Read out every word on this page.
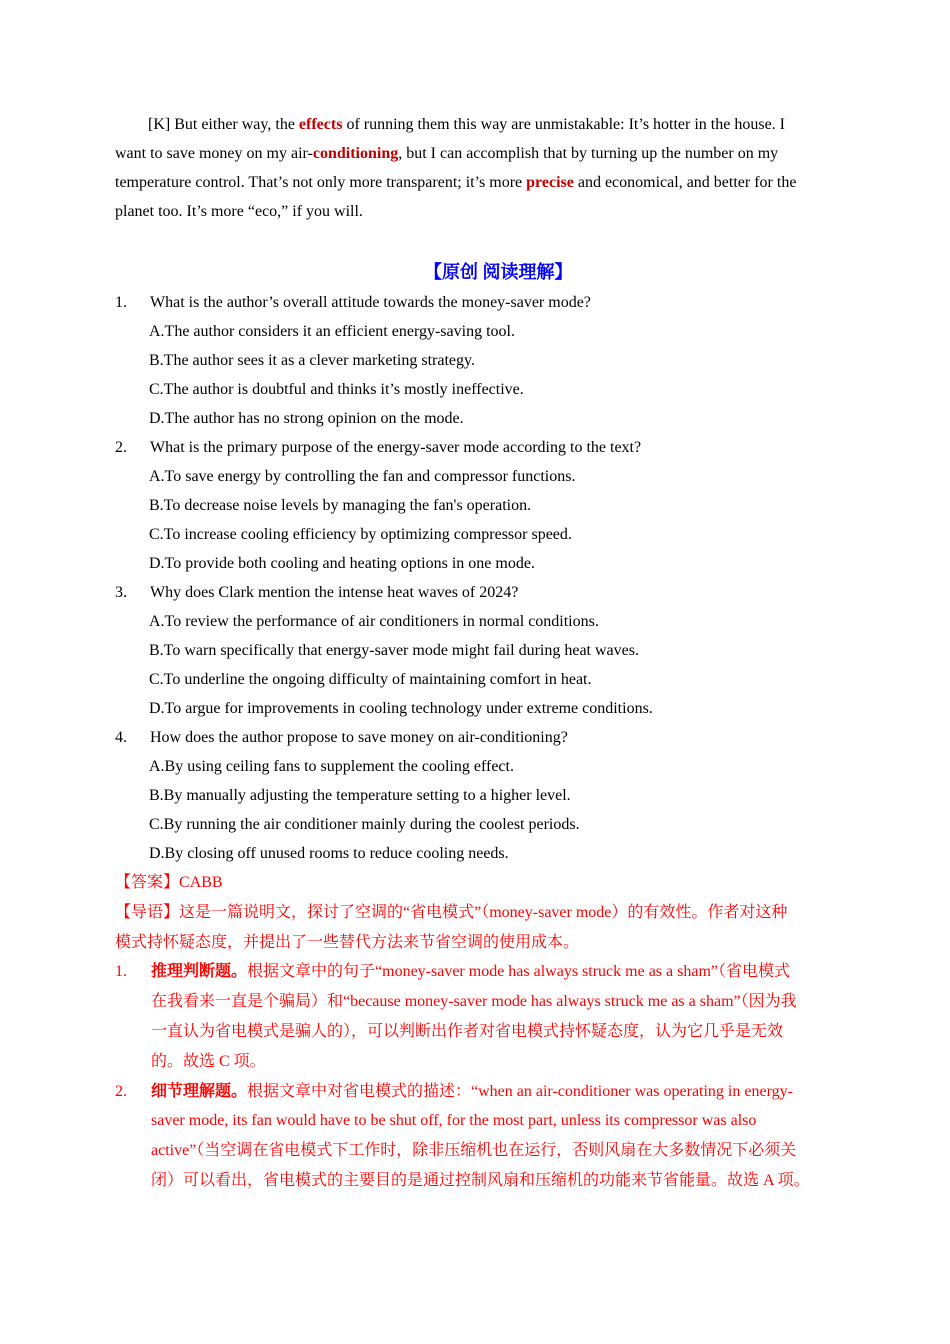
[K] But either way, the effects of running them this way are unmistakable: It’s hotter in the house. I
want to save money on my air-conditioning, but I can accomplish that by turning up the number on my
temperature control. That’s not only more transparent; it’s more precise and economical, and better for the
planet too. It’s more “eco,” if you will.
【原创 阅读理解】
1. What is the author’s overall attitude towards the money-saver mode?
A.The author considers it an efficient energy-saving tool.
B.The author sees it as a clever marketing strategy.
C.The author is doubtful and thinks it’s mostly ineffective.
D.The author has no strong opinion on the mode.
2. What is the primary purpose of the energy-saver mode according to the text?
A.To save energy by controlling the fan and compressor functions.
B.To decrease noise levels by managing the fan's operation.
C.To increase cooling efficiency by optimizing compressor speed.
D.To provide both cooling and heating options in one mode.
3. Why does Clark mention the intense heat waves of 2024?
A.To review the performance of air conditioners in normal conditions.
B.To warn specifically that energy-saver mode might fail during heat waves.
C.To underline the ongoing difficulty of maintaining comfort in heat.
D.To argue for improvements in cooling technology under extreme conditions.
4. How does the author propose to save money on air-conditioning?
A.By using ceiling fans to supplement the cooling effect.
B.By manually adjusting the temperature setting to a higher level.
C.By running the air conditioner mainly during the coolest periods.
D.By closing off unused rooms to reduce cooling needs.
【答案】CABB
【导语】这是一篇说明文，探讨了空调的“省电模式”（money-saver mode）的有效性。作者对这种
模式持怀疑态度，并提出了一些替代方法来节省空调的使用成本。
1. 推理判断题。根据文章中的句子“money-saver mode has always struck me as a sham”（省电模式
在我看来一直是个骗局）和“because money-saver mode has always struck me as a sham”（因为我
一直认为省电模式是骗人的），可以判断出作者对省电模式持怀疑态度，认为它几乎是无效
的。故选 C 项。
2. 细节理解题。根据文章中对省电模式的描述：“when an air-conditioner was operating in energy-
saver mode, its fan would have to be shut off, for the most part, unless its compressor was also
active”（当空调在省电模式下工作时，除非压缩机也在运行，否则风扇在大多数情况下必须关
闭）可以看出，省电模式的主要目的是通过控制风扇和压缩机的功能来节省能量。故选 A 项。
